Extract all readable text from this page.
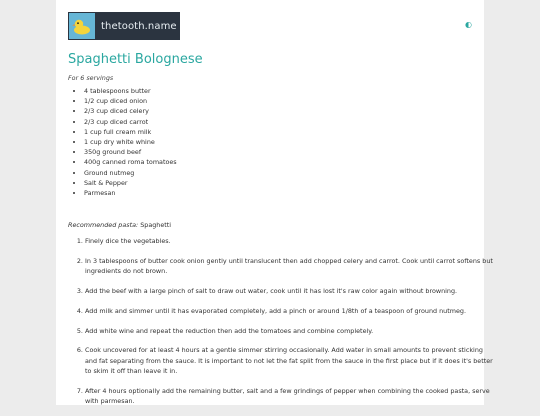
thetooth.name	◐
Spaghetti Bolognese
For 6 servings
• 4 tablespoons butter
• 1/2 cup diced onion
• 2/3 cup diced celery
• 2/3 cup diced carrot
• 1 cup full cream milk
• 1 cup dry white whine
• 350g ground beef
• 400g canned roma tomatoes
• Ground nutmeg
• Salt & Pepper
• Parmesan
Recommended pasta: Spaghetti
1. Finely dice the vegetables.
2. In 3 tablespoons of butter cook onion gently until translucent then add chopped celery and carrot. Cook until carrot softens but ingredients do not brown.
3. Add the beef with a large pinch of salt to draw out water, cook until it has lost it's raw color again without browning.
4. Add milk and simmer until it has evaporated completely, add a pinch or around 1/8th of a teaspoon of ground nutmeg.
5. Add white wine and repeat the reduction then add the tomatoes and combine completely.
6. Cook uncovered for at least 4 hours at a gentle simmer stirring occasionally. Add water in small amounts to prevent sticking and fat separating from the sauce. It is important to not let the fat split from the sauce in the first place but if it does it's better to skim it off than leave it in.
7. After 4 hours optionally add the remaining butter, salt and a few grindings of pepper when combining the cooked pasta, serve with parmesan.
